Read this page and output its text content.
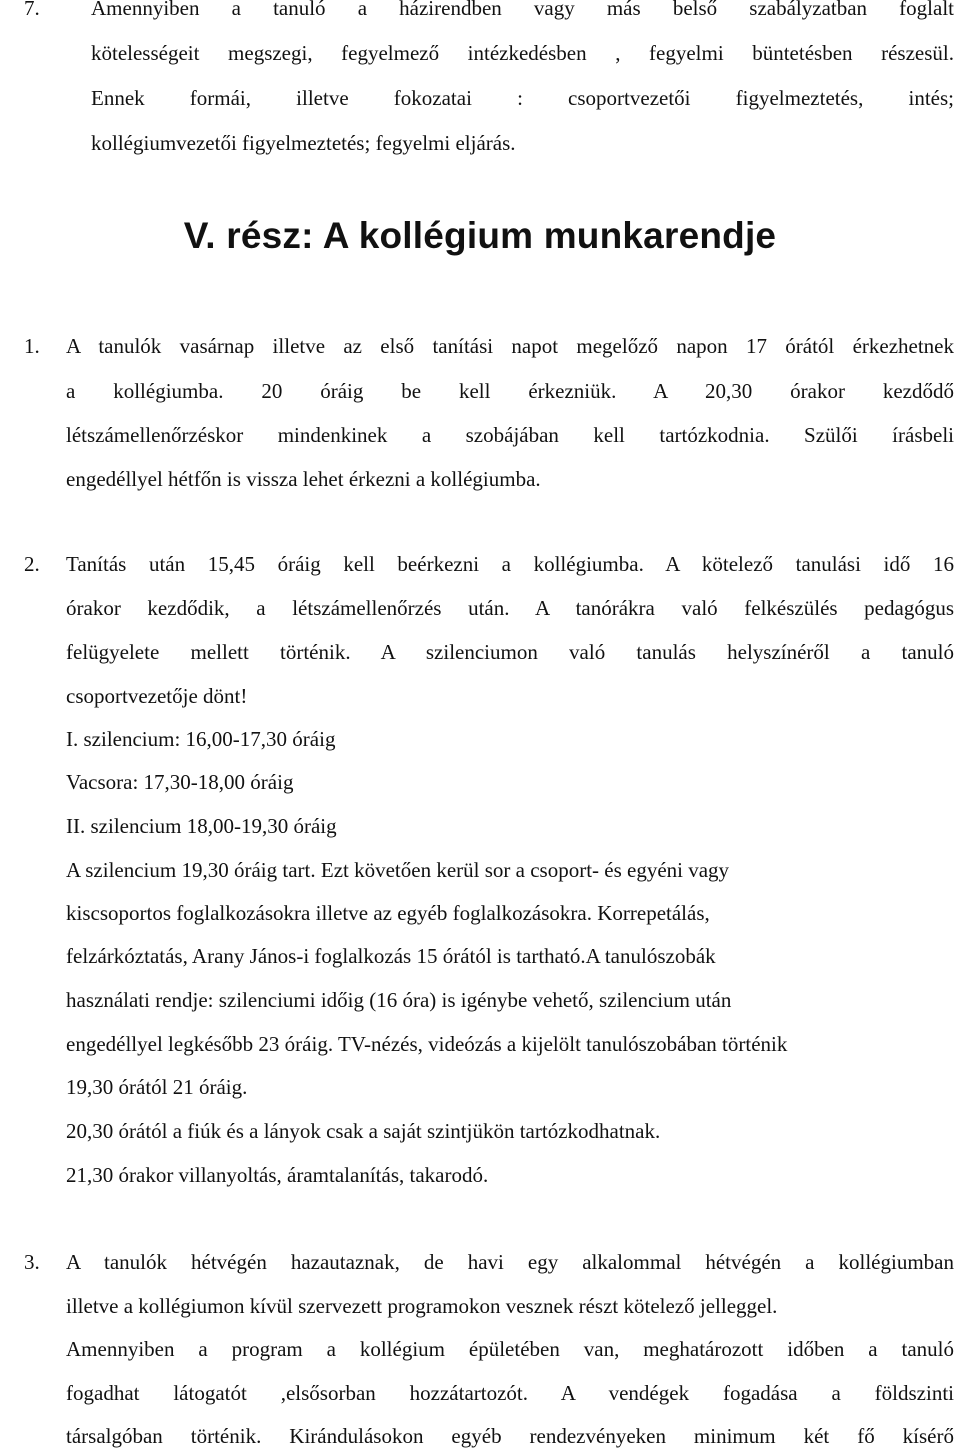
7. Amennyiben a tanuló a házirendben vagy más belső szabályzatban foglalt
kötelességeit megszegi, fegyelmező intézkedésben , fegyelmi büntetésben részesül.
Ennek formái, illetve fokozatai : csoportvezetői figyelmeztetés, intés;
kollégiumvezetői figyelmeztetés; fegyelmi eljárás.
V. rész: A kollégium munkarendje
1. A tanulók vasárnap illetve az első tanítási napot megelőző napon 17 órától érkezhetnek
a kollégiumba. 20 óráig be kell érkezniük. A 20,30 órakor kezdődő
létszámellenőrzéskor mindenkinek a szobájában kell tartózkodnia. Szülői írásbeli
engedéllyel hétfőn is vissza lehet érkezni a kollégiumba.
2. Tanítás után 15,45 óráig kell beérkezni a kollégiumba. A kötelező tanulási idő 16
órakor kezdődik, a létszámellenőrzés után. A tanórákra való felkészülés pedagógus
felügyelete mellett történik. A szilenciumon való tanulás helyszínéről a tanuló
csoportvezetője dönt!
I. szilencium: 16,00-17,30 óráig
Vacsora: 17,30-18,00 óráig
II. szilencium 18,00-19,30 óráig
A szilencium 19,30 óráig tart. Ezt követően kerül sor a csoport- és egyéni vagy
kiscsoportos foglalkozásokra illetve az egyéb foglalkozásokra. Korrepetálás,
felzárkóztatás, Arany János-i foglalkozás 15 órától is tartható.A tanulószobák
használati rendje: szilenciumi időig (16 óra) is igénybe vehető, szilencium után
engedéllyel legkésőbb 23 óráig. TV-nézés, videózás a kijelölt tanulószobában történik
19,30 órától 21 óráig.
20,30 órától a fiúk és a lányok csak a saját szintjükön tartózkodhatnak.
21,30 órakor villanyoltás, áramtalanítás, takarodó.
3. A tanulók hétvégén hazautaznak, de havi egy alkalommal hétvégén a kollégiumban
illetve a kollégiumon kívül szervezett programokon vesznek részt kötelező jelleggel.
Amennyiben a program a kollégium épületében van, meghatározott időben a tanuló
fogadhat látogatót ,elsősorban hozzátartozót. A vendégek fogadása a földszinti
társalgóban történik. Kirándulásokon egyéb rendezvényeken minimum két fő kísérő
